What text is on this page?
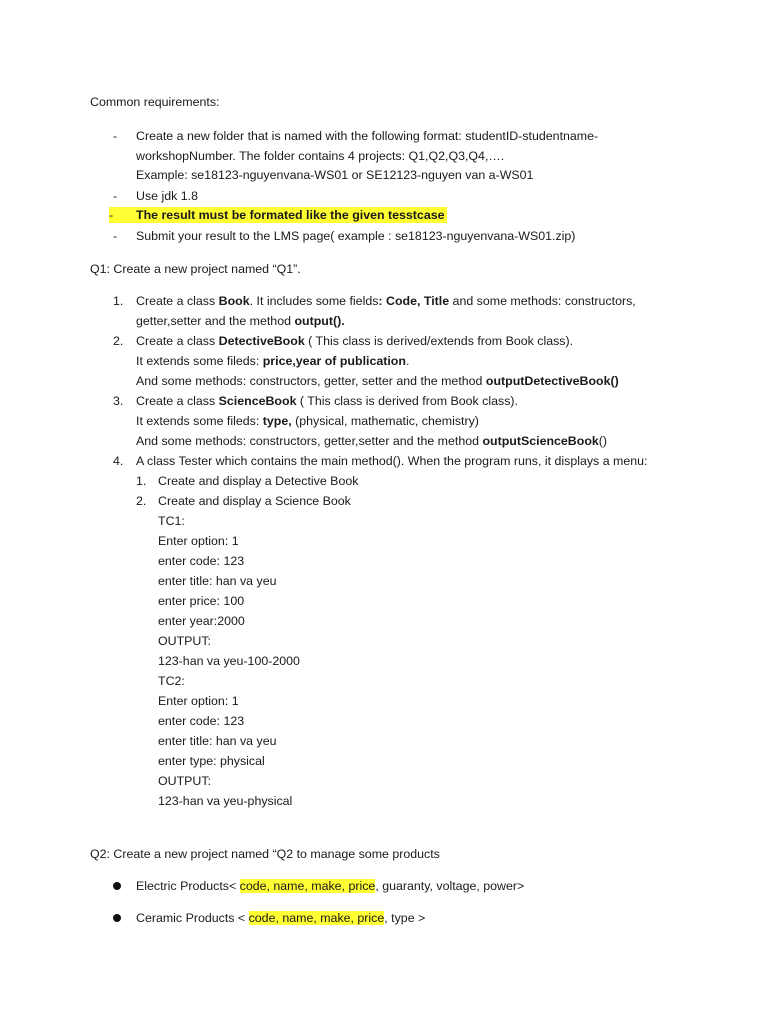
Common requirements:
- Create a new folder that is named with the following format: studentID-studentname-
workshopNumber. The folder contains 4 projects: Q1,Q2,Q3,Q4,….
Example: se18123-nguyenvana-WS01 or SE12123-nguyen van a-WS01
- Use jdk 1.8
- The result must be formated like the given tesstcase
- Submit your result to the LMS page( example : se18123-nguyenvana-WS01.zip)
Q1: Create a new project named “Q1”.
1. Create a class Book. It includes some fields: Code, Title and some methods: constructors,
getter,setter and the method output().
2. Create a class DetectiveBook ( This class is derived/extends from Book class).
It extends some fileds: price,year of publication.
And some methods: constructors, getter, setter and the method outputDetectiveBook()
3. Create a class ScienceBook ( This class is derived from Book class).
It extends some fileds: type, (physical, mathematic, chemistry)
And some methods: constructors, getter,setter and the method outputScienceBook()
4. A class Tester which contains the main method(). When the program runs, it displays a menu:
1. Create and display a Detective Book
2. Create and display a Science Book
TC1:
Enter option: 1
enter code: 123
enter title: han va yeu
enter price: 100
enter year:2000
OUTPUT:
123-han va yeu-100-2000
TC2:
Enter option: 1
enter code: 123
enter title: han va yeu
enter type: physical
OUTPUT:
123-han va yeu-physical
Q2: Create a new project named “Q2 to manage some products
Electric Products< code, name, make, price, guaranty, voltage, power>
Ceramic Products < code, name, make, price, type >
